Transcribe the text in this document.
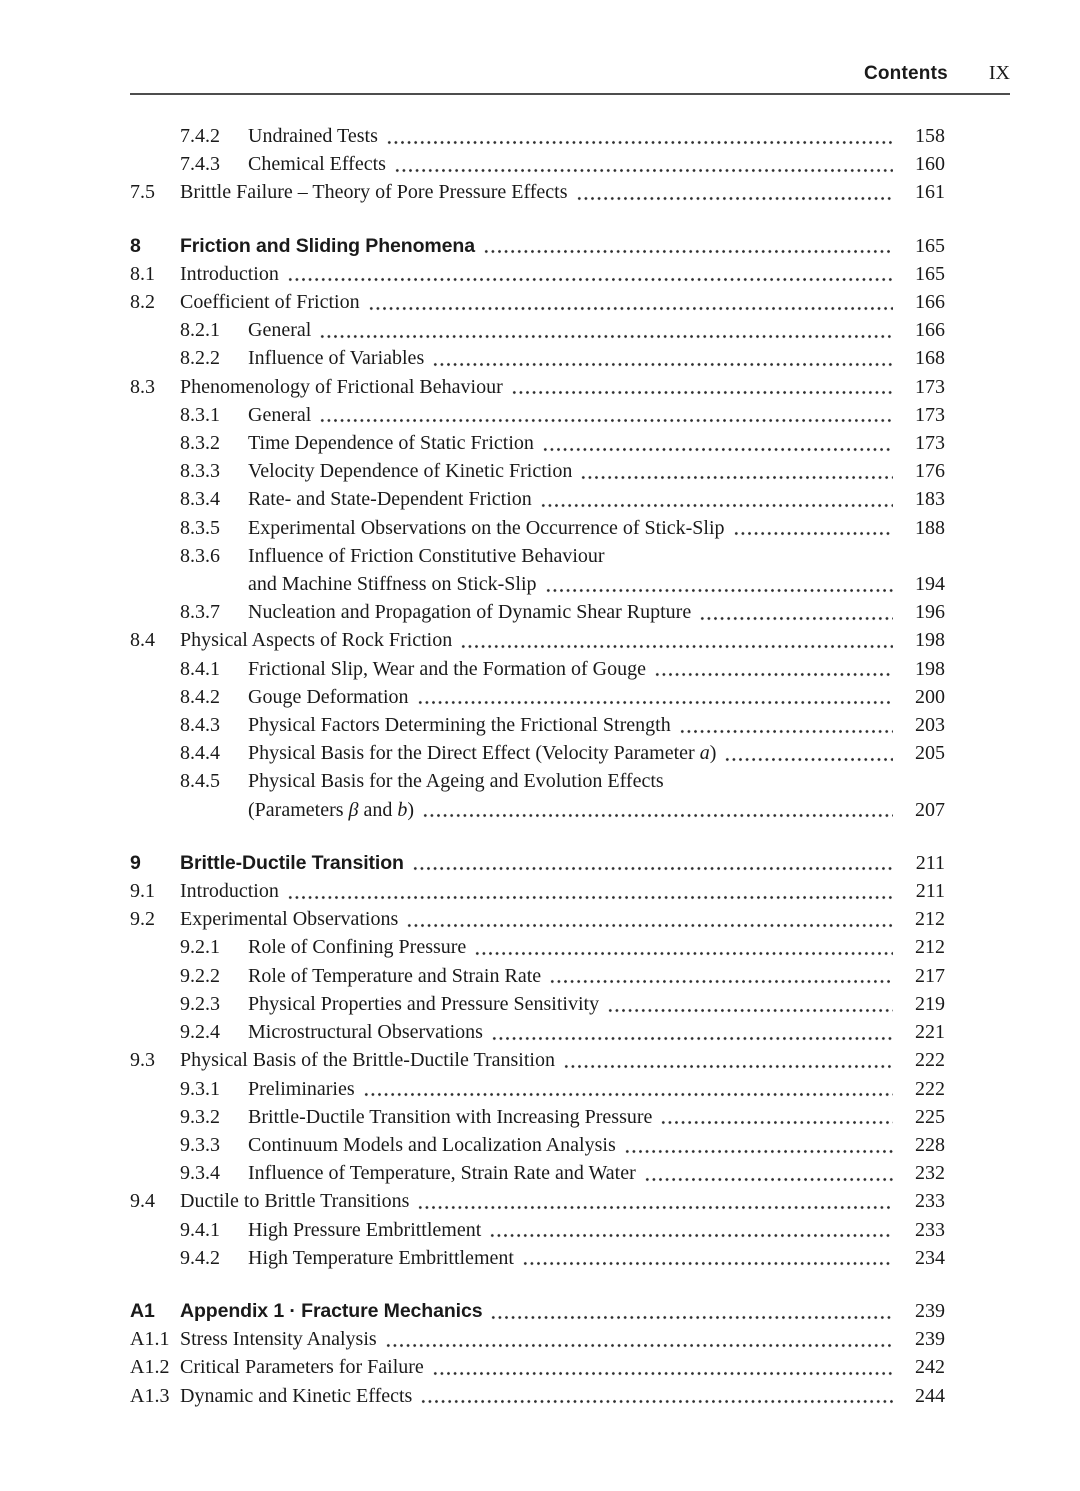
Contents IX
7.4.2	Undrained Tests	158
7.4.3	Chemical Effects	160
7.5	Brittle Failure – Theory of Pore Pressure Effects	161
8	Friction and Sliding Phenomena	165
8.1	Introduction	165
8.2	Coefficient of Friction	166
8.2.1	General	166
8.2.2	Influence of Variables	168
8.3	Phenomenology of Frictional Behaviour	173
8.3.1	General	173
8.3.2	Time Dependence of Static Friction	173
8.3.3	Velocity Dependence of Kinetic Friction	176
8.3.4	Rate- and State-Dependent Friction	183
8.3.5	Experimental Observations on the Occurrence of Stick-Slip	188
8.3.6	Influence of Friction Constitutive Behaviour
and Machine Stiffness on Stick-Slip	194
8.3.7	Nucleation and Propagation of Dynamic Shear Rupture	196
8.4	Physical Aspects of Rock Friction	198
8.4.1	Frictional Slip, Wear and the Formation of Gouge	198
8.4.2	Gouge Deformation	200
8.4.3	Physical Factors Determining the Frictional Strength	203
8.4.4	Physical Basis for the Direct Effect (Velocity Parameter a)	205
8.4.5	Physical Basis for the Ageing and Evolution Effects
(Parameters β and b)	207
9	Brittle-Ductile Transition	211
9.1	Introduction	211
9.2	Experimental Observations	212
9.2.1	Role of Confining Pressure	212
9.2.2	Role of Temperature and Strain Rate	217
9.2.3	Physical Properties and Pressure Sensitivity	219
9.2.4	Microstructural Observations	221
9.3	Physical Basis of the Brittle-Ductile Transition	222
9.3.1	Preliminaries	222
9.3.2	Brittle-Ductile Transition with Increasing Pressure	225
9.3.3	Continuum Models and Localization Analysis	228
9.3.4	Influence of Temperature, Strain Rate and Water	232
9.4	Ductile to Brittle Transitions	233
9.4.1	High Pressure Embrittlement	233
9.4.2	High Temperature Embrittlement	234
A1	Appendix 1 · Fracture Mechanics	239
A1.1 Stress Intensity Analysis	239
A1.2 Critical Parameters for Failure	242
A1.3 Dynamic and Kinetic Effects	244
